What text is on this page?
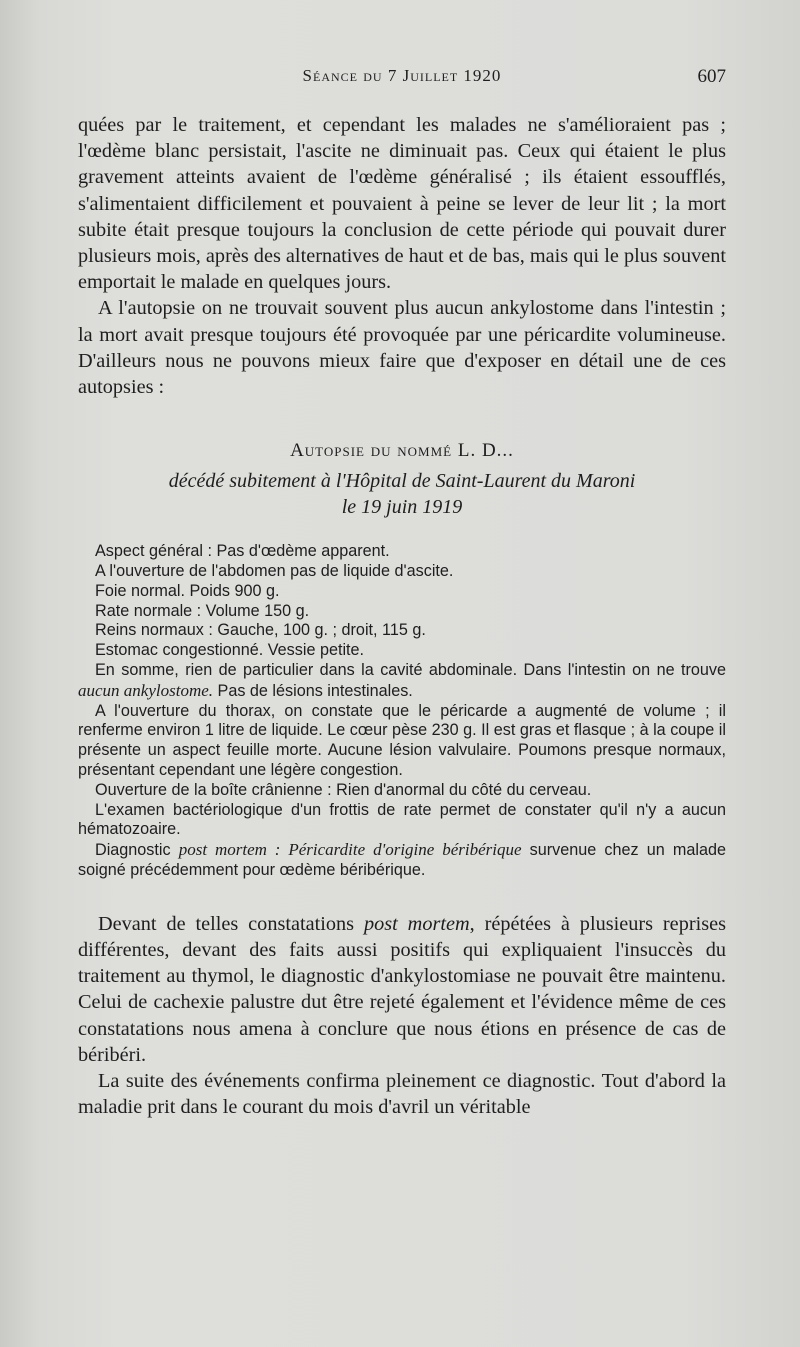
Séance du 7 Juillet 1920	607

quées par le traitement, et cependant les malades ne s'amélioraient pas ; l'œdème blanc persistait, l'ascite ne diminuait pas. Ceux qui étaient le plus gravement atteints avaient de l'œdème généralisé ; ils étaient essoufflés, s'alimentaient difficilement et pouvaient à peine se lever de leur lit ; la mort subite était presque toujours la conclusion de cette période qui pouvait durer plusieurs mois, après des alternatives de haut et de bas, mais qui le plus souvent emportait le malade en quelques jours.

A l'autopsie on ne trouvait souvent plus aucun ankylostome dans l'intestin ; la mort avait presque toujours été provoquée par une péricardite volumineuse. D'ailleurs nous ne pouvons mieux faire que d'exposer en détail une de ces autopsies :

Autopsie du nommé L. D...

décédé subitement à l'Hôpital de Saint-Laurent du Maroni

le 19 juin 1919

Aspect général : Pas d'œdème apparent.

A l'ouverture de l'abdomen pas de liquide d'ascite.

Foie normal. Poids 900 g.

Rate normale : Volume 150 g.

Reins normaux : Gauche, 100 g. ; droit, 115 g.

Estomac congestionné. Vessie petite.

En somme, rien de particulier dans la cavité abdominale. Dans l'intestin on ne trouve aucun ankylostome. Pas de lésions intestinales.

A l'ouverture du thorax, on constate que le péricarde a augmenté de volume ; il renferme environ 1 litre de liquide. Le cœur pèse 230 g. Il est gras et flasque ; à la coupe il présente un aspect feuille morte. Aucune lésion valvulaire. Poumons presque normaux, présentant cependant une légère congestion.

Ouverture de la boîte crânienne : Rien d'anormal du côté du cerveau.

L'examen bactériologique d'un frottis de rate permet de constater qu'il n'y a aucun hématozoaire.

Diagnostic post mortem : Péricardite d'origine béribérique survenue chez un malade soigné précédemment pour œdème béribérique.

Devant de telles constatations post mortem, répétées à plusieurs reprises différentes, devant des faits aussi positifs qui expliquaient l'insuccès du traitement au thymol, le diagnostic d'ankylostomiase ne pouvait être maintenu. Celui de cachexie palustre dut être rejeté également et l'évidence même de ces constatations nous amena à conclure que nous étions en présence de cas de béribéri.

La suite des événements confirma pleinement ce diagnostic. Tout d'abord la maladie prit dans le courant du mois d'avril un véritable
